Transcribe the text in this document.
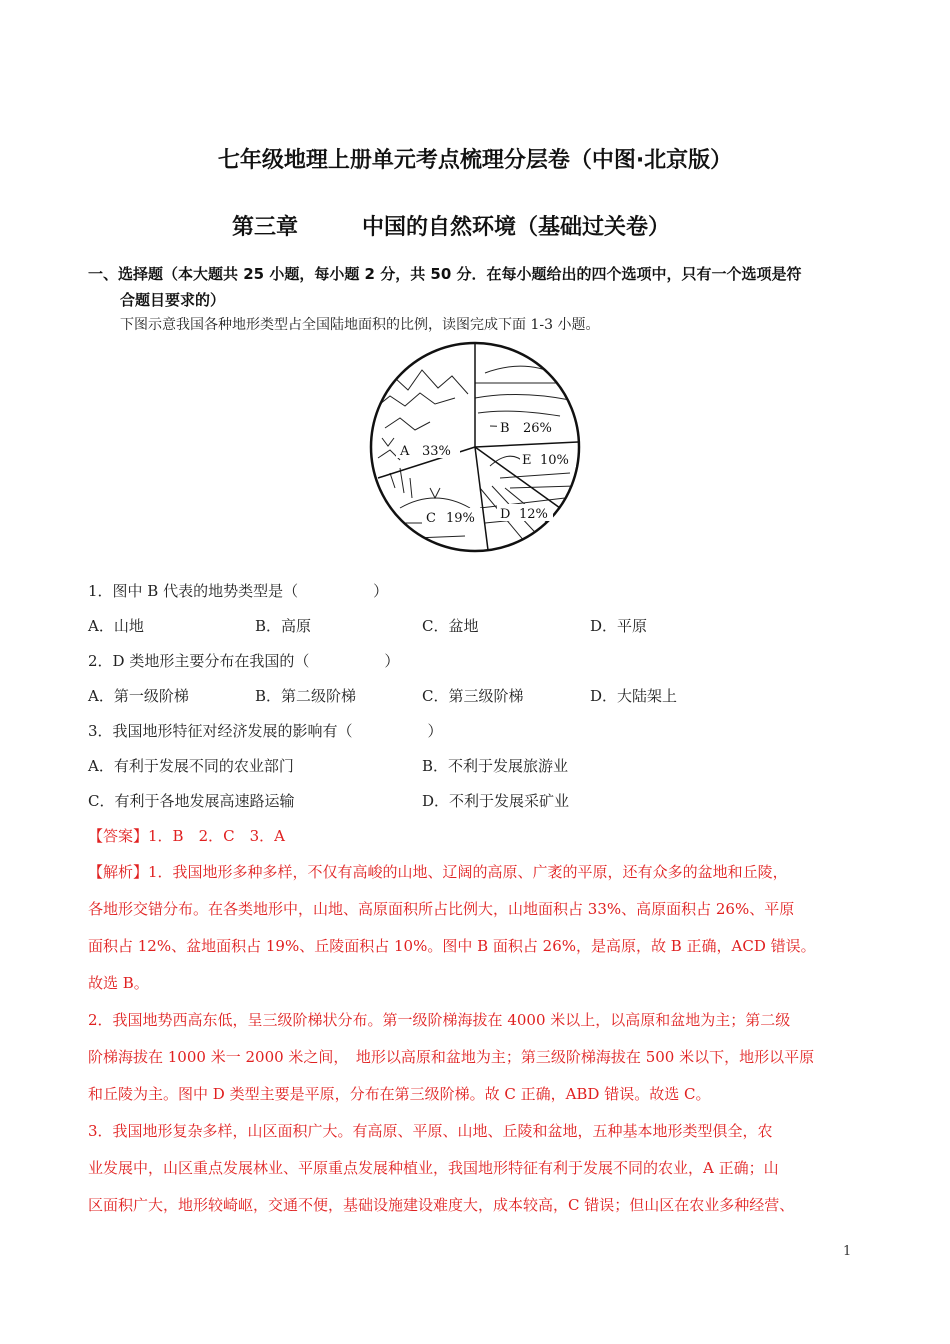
七年级地理上册单元考点梳理分层卷（中图·北京版）
第三章	中国的自然环境（基础过关卷）
一、选择题（本大题共 25 小题，每小题 2 分，共 50 分．在每小题给出的四个选项中，只有一个选项是符
合题目要求的）
下图示意我国各种地形类型占全国陆地面积的比例，读图完成下面 1-3 小题。
A 33%
B 26%
E 10%
D 12%
C 19%
1．图中 B 代表的地势类型是（　　　　　）
A．山地	B．高原	C．盆地	D．平原
2．D 类地形主要分布在我国的（　　　　　）
A．第一级阶梯	B．第二级阶梯	C．第三级阶梯	D．大陆架上
3．我国地形特征对经济发展的影响有（　　　　　）
A．有利于发展不同的农业部门	B．不利于发展旅游业
C．有利于各地发展高速路运输	D．不利于发展采矿业
【答案】1．B　2．C　3．A
【解析】1．我国地形多种多样，不仅有高峻的山地、辽阔的高原、广袤的平原，还有众多的盆地和丘陵，
各地形交错分布。在各类地形中，山地、高原面积所占比例大，山地面积占 33%、高原面积占 26%、平原
面积占 12%、盆地面积占 19%、丘陵面积占 10%。图中 B 面积占 26%，是高原，故 B 正确，ACD 错误。
故选 B。
2．我国地势西高东低，呈三级阶梯状分布。第一级阶梯海拔在 4000 米以上，以高原和盆地为主；第二级
阶梯海拔在 1000 米一 2000 米之间，　地形以高原和盆地为主；第三级阶梯海拔在 500 米以下，地形以平原
和丘陵为主。图中 D 类型主要是平原，分布在第三级阶梯。故 C 正确，ABD 错误。故选 C。
3．我国地形复杂多样，山区面积广大。有高原、平原、山地、丘陵和盆地，五种基本地形类型俱全，农
业发展中，山区重点发展林业、平原重点发展种植业，我国地形特征有利于发展不同的农业，A 正确；山
区面积广大，地形较崎岖，交通不便，基础设施建设难度大，成本较高，C 错误；但山区在农业多种经营、
1
